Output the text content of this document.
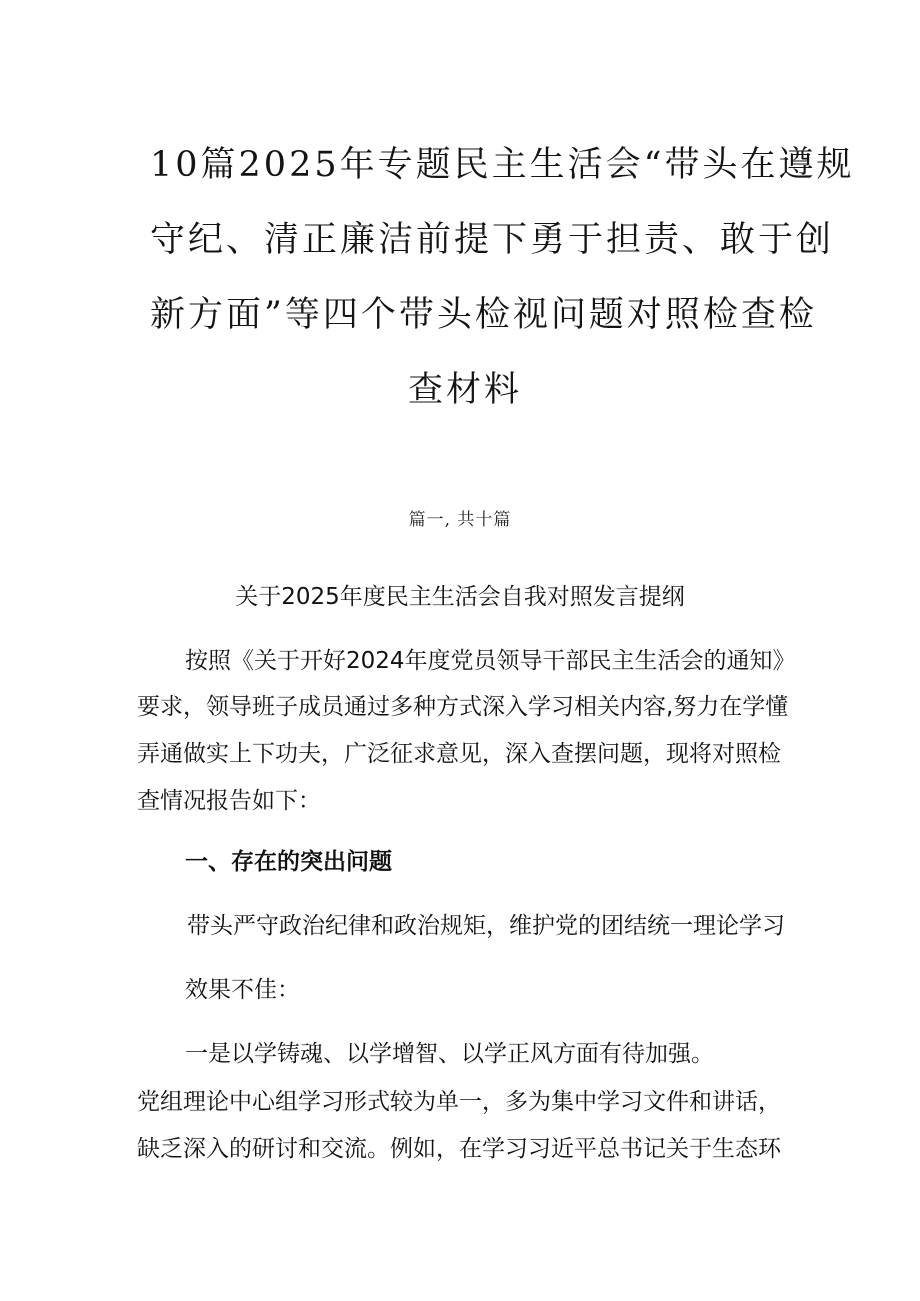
10篇2025年专题民主生活会“带头在遵规
守纪、清正廉洁前提下勇于担责、敢于创
新方面”等四个带头检视问题对照检查检
查材料
篇一, 共十篇
关于2025年度民主生活会自我对照发言提纲
按照《关于开好2024年度党员领导干部民主生活会的通知》
要求，领导班子成员通过多种方式深入学习相关内容,努力在学懂
弄通做实上下功夫，广泛征求意见，深入查摆问题，现将对照检
查情况报告如下：
一、存在的突出问题
带头严守政治纪律和政治规矩，维护党的团结统一理论学习
效果不佳：
一是以学铸魂、以学增智、以学正风方面有待加强。
党组理论中心组学习形式较为单一，多为集中学习文件和讲话，
缺乏深入的研讨和交流。例如，在学习习近平总书记关于生态环
